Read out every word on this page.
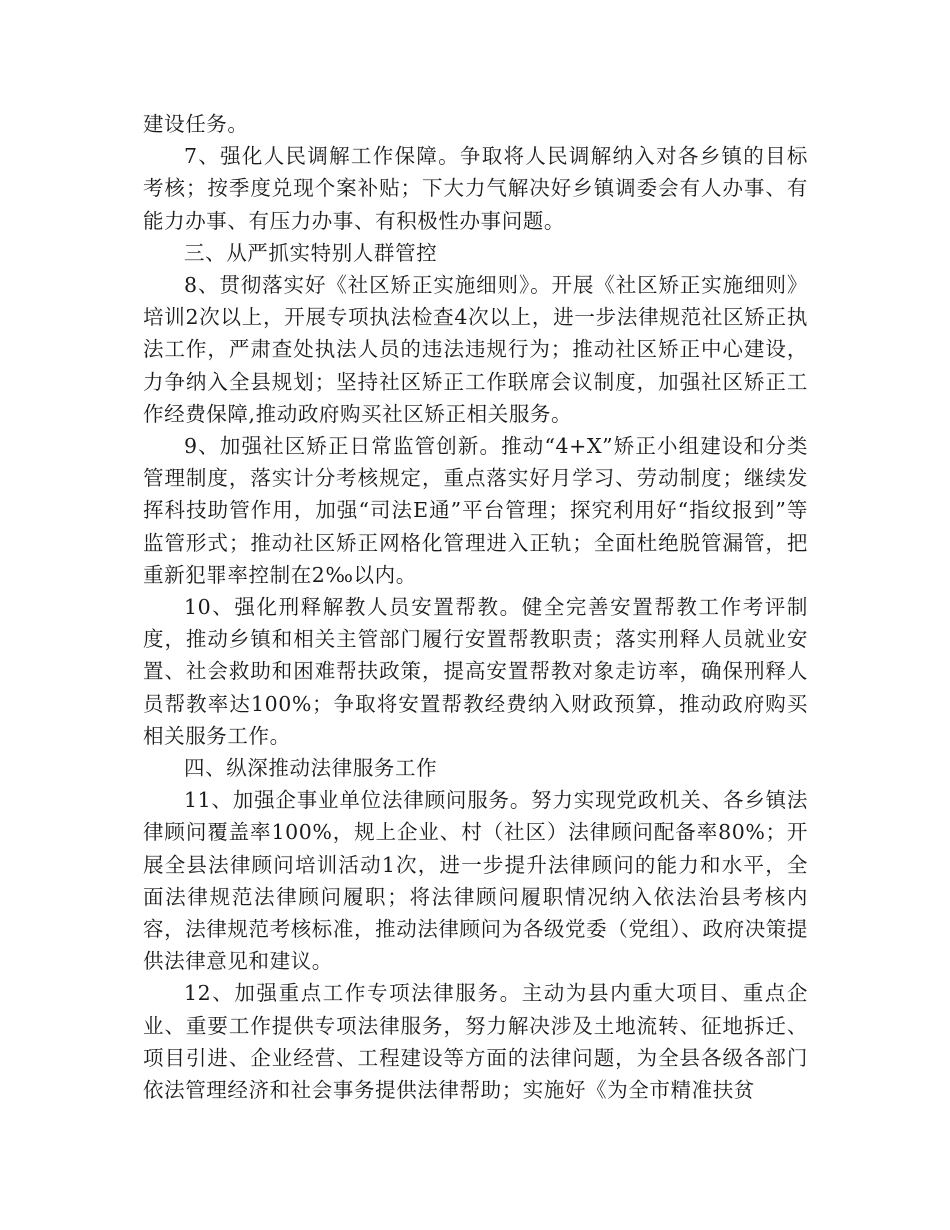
建设任务。

7、强化人民调解工作保障。争取将人民调解纳入对各乡镇的目标考核；按季度兑现个案补贴；下大力气解决好乡镇调委会有人办事、有能力办事、有压力办事、有积极性办事问题。

三、从严抓实特别人群管控

8、贯彻落实好《社区矫正实施细则》。开展《社区矫正实施细则》培训2次以上，开展专项执法检查4次以上，进一步法律规范社区矫正执法工作，严肃查处执法人员的违法违规行为；推动社区矫正中心建设，力争纳入全县规划；坚持社区矫正工作联席会议制度，加强社区矫正工作经费保障,推动政府购买社区矫正相关服务。

9、加强社区矫正日常监管创新。推动“4+X”矫正小组建设和分类管理制度，落实计分考核规定，重点落实好月学习、劳动制度；继续发挥科技助管作用，加强“司法E通”平台管理；探究利用好“指纹报到”等监管形式；推动社区矫正网格化管理进入正轨；全面杜绝脱管漏管，把重新犯罪率控制在2‰以内。

10、强化刑释解教人员安置帮教。健全完善安置帮教工作考评制度，推动乡镇和相关主管部门履行安置帮教职责；落实刑释人员就业安置、社会救助和困难帮扶政策，提高安置帮教对象走访率，确保刑释人员帮教率达100%；争取将安置帮教经费纳入财政预算，推动政府购买相关服务工作。

四、纵深推动法律服务工作

11、加强企事业单位法律顾问服务。努力实现党政机关、各乡镇法律顾问覆盖率100%，规上企业、村（社区）法律顾问配备率80%；开展全县法律顾问培训活动1次，进一步提升法律顾问的能力和水平，全面法律规范法律顾问履职；将法律顾问履职情况纳入依法治县考核内容，法律规范考核标准，推动法律顾问为各级党委（党组）、政府决策提供法律意见和建议。

12、加强重点工作专项法律服务。主动为县内重大项目、重点企业、重要工作提供专项法律服务，努力解决涉及土地流转、征地拆迁、项目引进、企业经营、工程建设等方面的法律问题，为全县各级各部门依法管理经济和社会事务提供法律帮助；实施好《为全市精准扶贫
